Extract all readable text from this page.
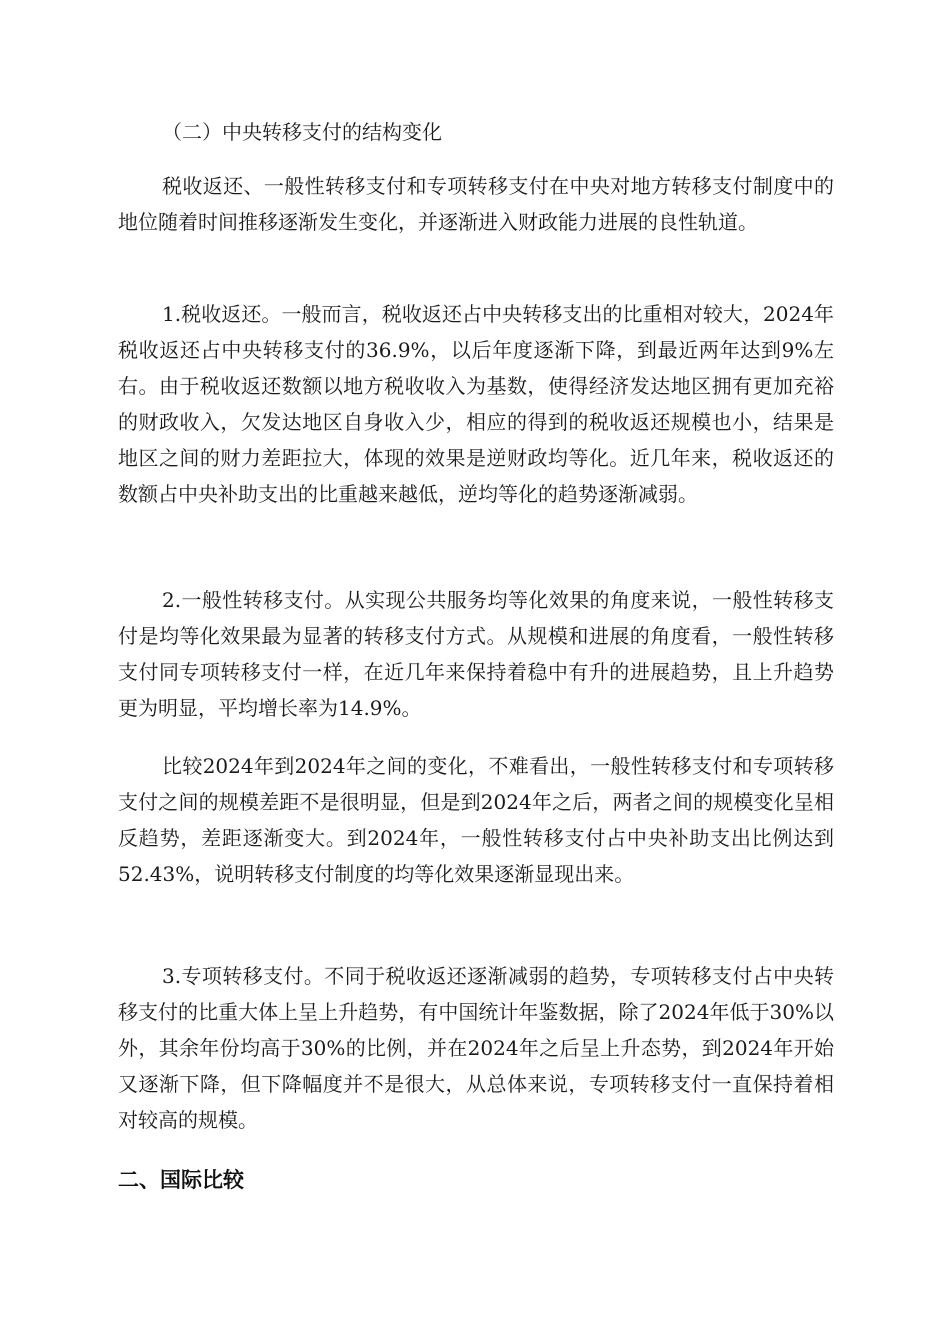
（二）中央转移支付的结构变化

税收返还、一般性转移支付和专项转移支付在中央对地方转移支付制度中的地位随着时间推移逐渐发生变化，并逐渐进入财政能力进展的良性轨道。

1.税收返还。一般而言，税收返还占中央转移支出的比重相对较大，2024年税收返还占中央转移支付的36.9%，以后年度逐渐下降，到最近两年达到9%左右。由于税收返还数额以地方税收收入为基数，使得经济发达地区拥有更加充裕的财政收入，欠发达地区自身收入少，相应的得到的税收返还规模也小，结果是地区之间的财力差距拉大，体现的效果是逆财政均等化。近几年来，税收返还的数额占中央补助支出的比重越来越低，逆均等化的趋势逐渐减弱。

2.一般性转移支付。从实现公共服务均等化效果的角度来说，一般性转移支付是均等化效果最为显著的转移支付方式。从规模和进展的角度看，一般性转移支付同专项转移支付一样，在近几年来保持着稳中有升的进展趋势，且上升趋势更为明显，平均增长率为14.9%。

比较2024年到2024年之间的变化，不难看出，一般性转移支付和专项转移支付之间的规模差距不是很明显，但是到2024年之后，两者之间的规模变化呈相反趋势，差距逐渐变大。到2024年，一般性转移支付占中央补助支出比例达到52.43%，说明转移支付制度的均等化效果逐渐显现出来。

3.专项转移支付。不同于税收返还逐渐减弱的趋势，专项转移支付占中央转移支付的比重大体上呈上升趋势，有中国统计年鉴数据，除了2024年低于30%以外，其余年份均高于30%的比例，并在2024年之后呈上升态势，到2024年开始又逐渐下降，但下降幅度并不是很大，从总体来说，专项转移支付一直保持着相对较高的规模。

二、国际比较
